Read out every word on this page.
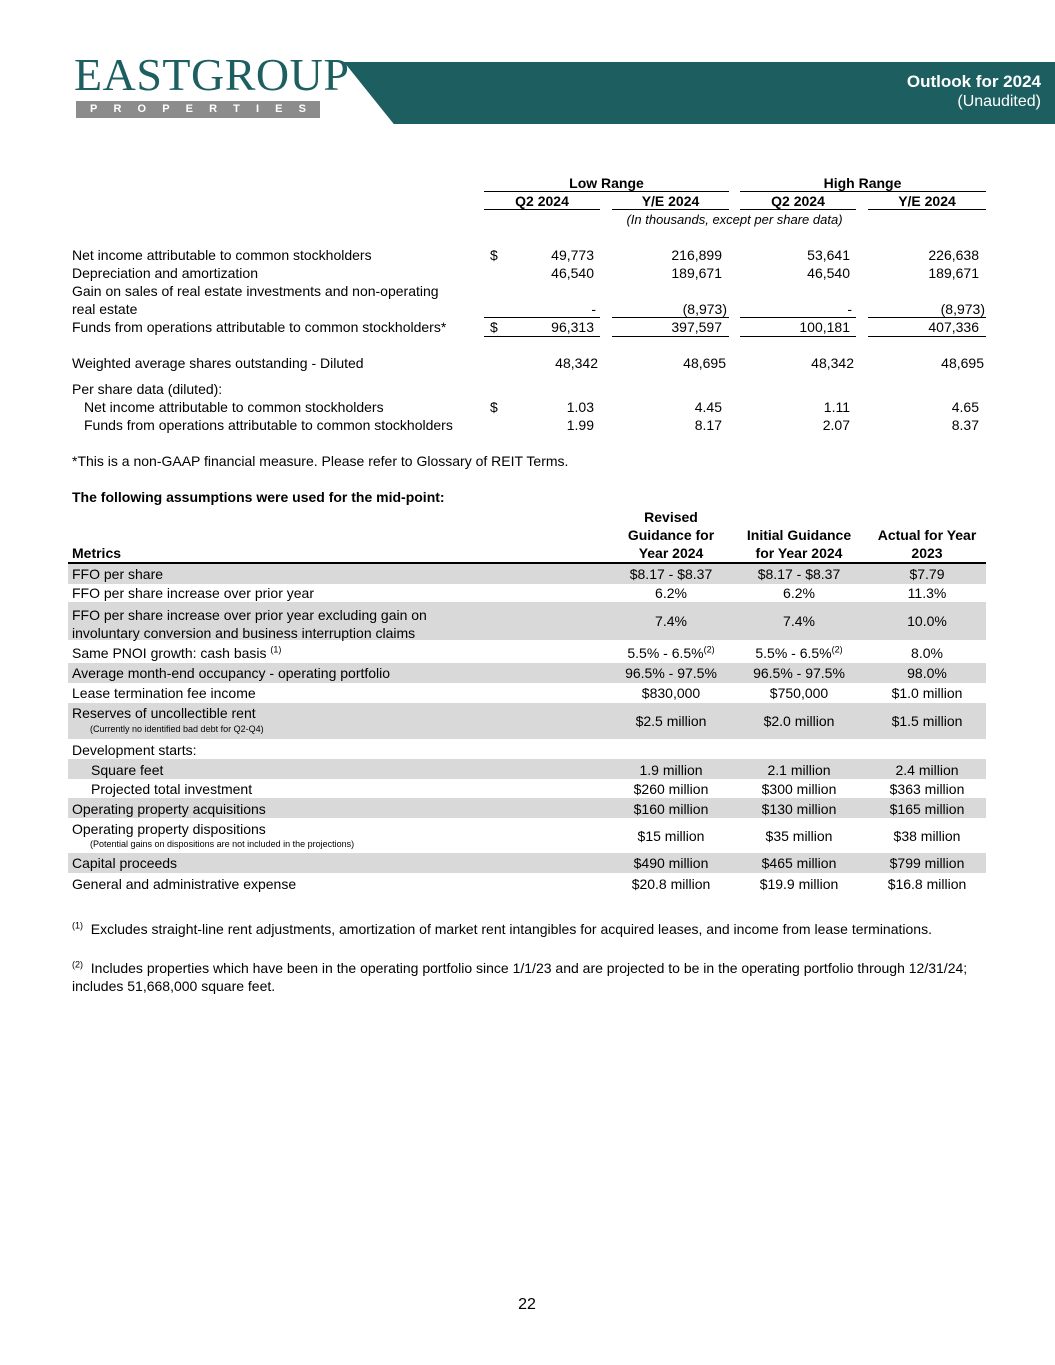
EASTGROUP
P R O P E R T I E S
Outlook for 2024
(Unaudited)
Low Range	High Range
Q2 2024	Y/E 2024	Q2 2024	Y/E 2024
(In thousands, except per share data)
Net income attributable to common stockholders	$	49,773	216,899	53,641	226,638
Depreciation and amortization	46,540	189,671	46,540	189,671
Gain on sales of real estate investments and non-operating
real estate	-	(8,973)	-	(8,973)
Funds from operations attributable to common stockholders*	$	96,313	397,597	100,181	407,336
Weighted average shares outstanding - Diluted	48,342	48,695	48,342	48,695
Per share data (diluted):
Net income attributable to common stockholders	$	1.03	4.45	1.11	4.65
Funds from operations attributable to common stockholders	1.99	8.17	2.07	8.37
*This is a non-GAAP financial measure. Please refer to Glossary of REIT Terms.
The following assumptions were used for the mid-point:
Revised
Guidance for
Year 2024
Initial Guidance
for Year 2024
Actual for Year
2023
Metrics
FFO per share	$8.17 - $8.37	$8.17 - $8.37	$7.79
FFO per share increase over prior year	6.2%	6.2%	11.3%
FFO per share increase over prior year excluding gain on
involuntary conversion and business interruption claims
7.4%	7.4%	10.0%
Same PNOI growth: cash basis $^{(1)}$	5.5% - 6.5%$^{(2)}$	5.5% - 6.5%$^{(2)}$	8.0%
Average month-end occupancy - operating portfolio	96.5% - 97.5%	96.5% - 97.5%	98.0%
Lease termination fee income	$830,000	$750,000	$1.0 million
Reserves of uncollectible rent
(Currently no identified bad debt for Q2-Q4)	$2.5 million	$2.0 million	$1.5 million
Development starts:
Square feet	1.9 million	2.1 million	2.4 million
Projected total investment	$260 million	$300 million	$363 million
Operating property acquisitions	$160 million	$130 million	$165 million
Operating property dispositions
(Potential gains on dispositions are not included in the projections)	$15 million	$35 million	$38 million
Capital proceeds	$490 million	$465 million	$799 million
General and administrative expense	$20.8 million	$19.9 million	$16.8 million
$^{(1)}$ Excludes straight-line rent adjustments, amortization of market rent intangibles for acquired leases, and income from lease terminations.
$^{(2)}$ Includes properties which have been in the operating portfolio since 1/1/23 and are projected to be in the operating portfolio through 12/31/24;
includes 51,668,000 square feet.
22
